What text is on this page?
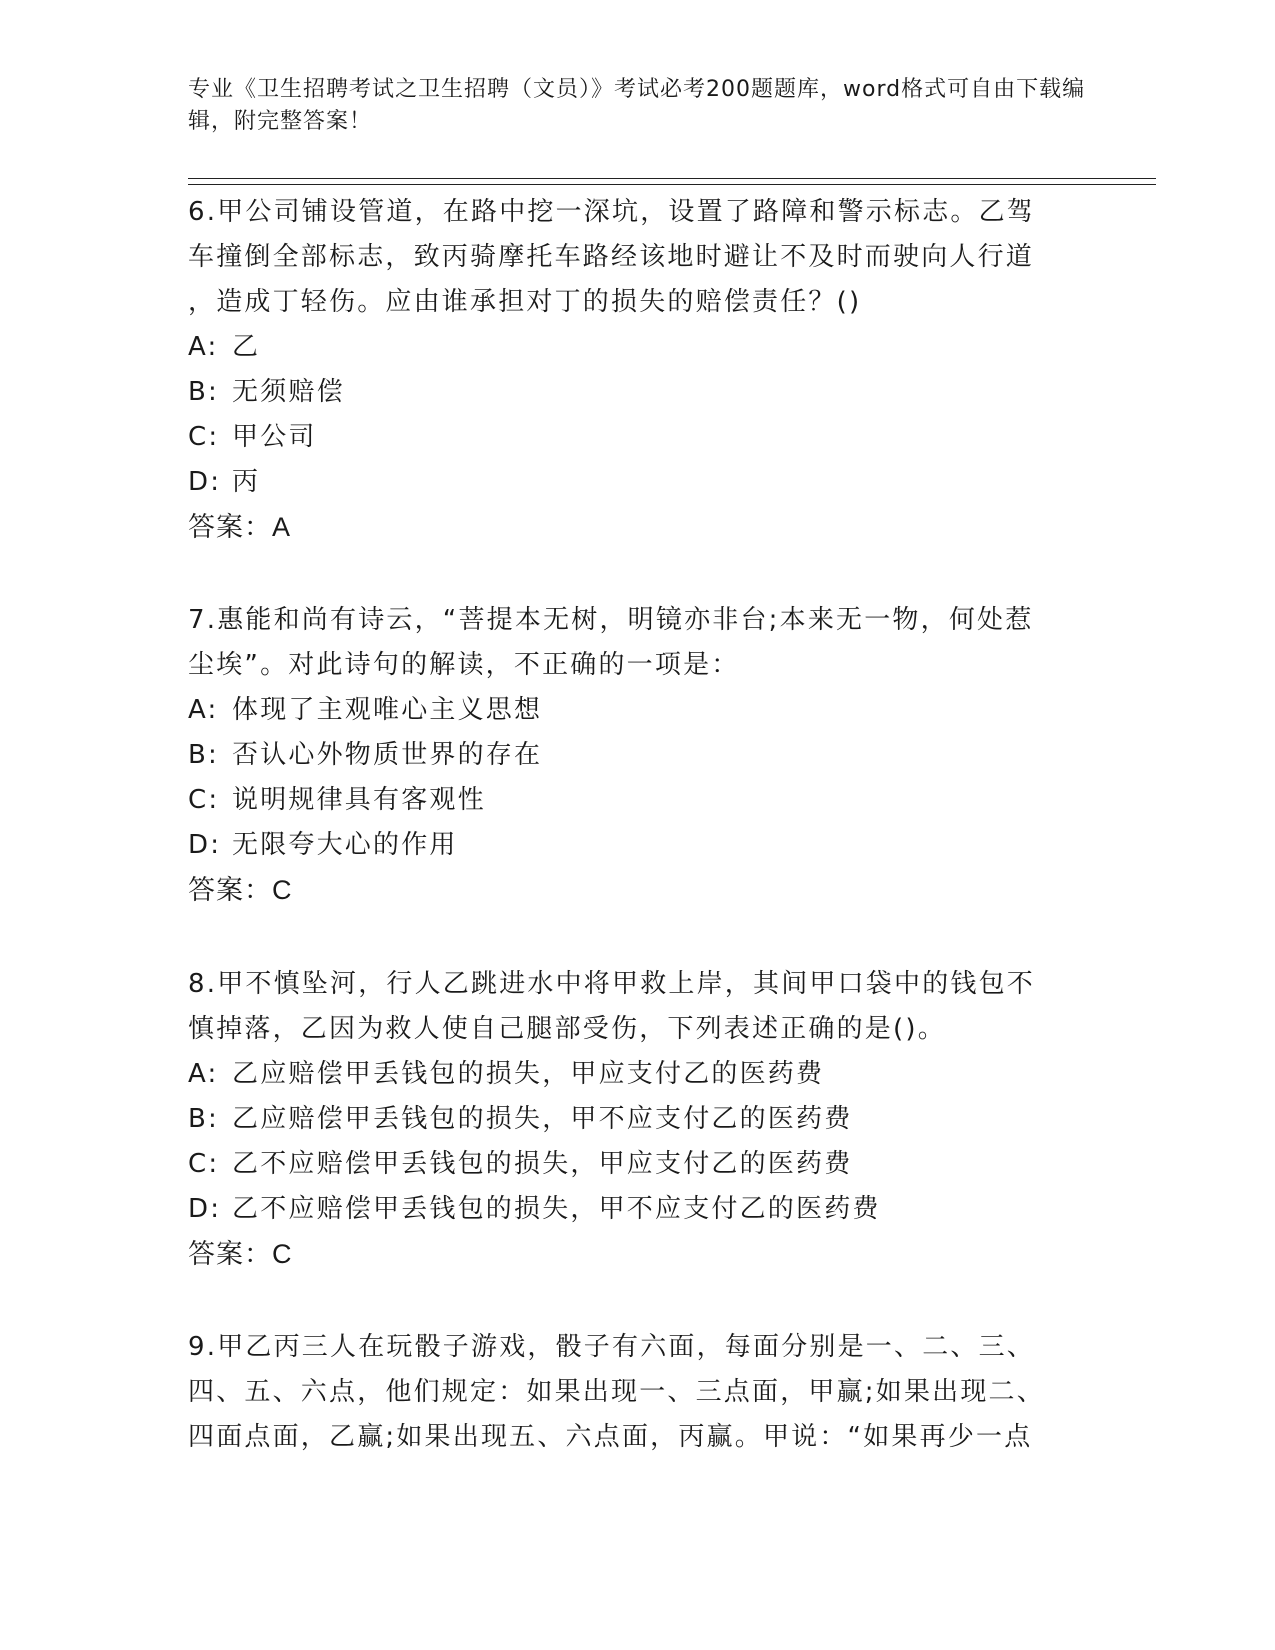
专业《卫生招聘考试之卫生招聘（文员）》考试必考200题题库，word格式可自由下载编辑，附完整答案！

6.甲公司铺设管道，在路中挖一深坑，设置了路障和警示标志。乙驾
车撞倒全部标志，致丙骑摩托车路经该地时避让不及时而驶向人行道
，造成丁轻伤。应由谁承担对丁的损失的赔偿责任？()

A: 乙

B: 无须赔偿

C: 甲公司

D: 丙

答案：A

7.惠能和尚有诗云，“菩提本无树，明镜亦非台;本来无一物，何处惹
尘埃”。对此诗句的解读，不正确的一项是：

A: 体现了主观唯心主义思想

B: 否认心外物质世界的存在

C: 说明规律具有客观性

D: 无限夸大心的作用

答案：C

8.甲不慎坠河，行人乙跳进水中将甲救上岸，其间甲口袋中的钱包不
慎掉落，乙因为救人使自己腿部受伤，下列表述正确的是()。

A: 乙应赔偿甲丢钱包的损失，甲应支付乙的医药费

B: 乙应赔偿甲丢钱包的损失，甲不应支付乙的医药费

C: 乙不应赔偿甲丢钱包的损失，甲应支付乙的医药费

D: 乙不应赔偿甲丢钱包的损失，甲不应支付乙的医药费

答案：C

9.甲乙丙三人在玩骰子游戏，骰子有六面，每面分别是一、二、三、
四、五、六点，他们规定：如果出现一、三点面，甲赢;如果出现二、
四面点面，乙赢;如果出现五、六点面，丙赢。甲说：“如果再少一点
